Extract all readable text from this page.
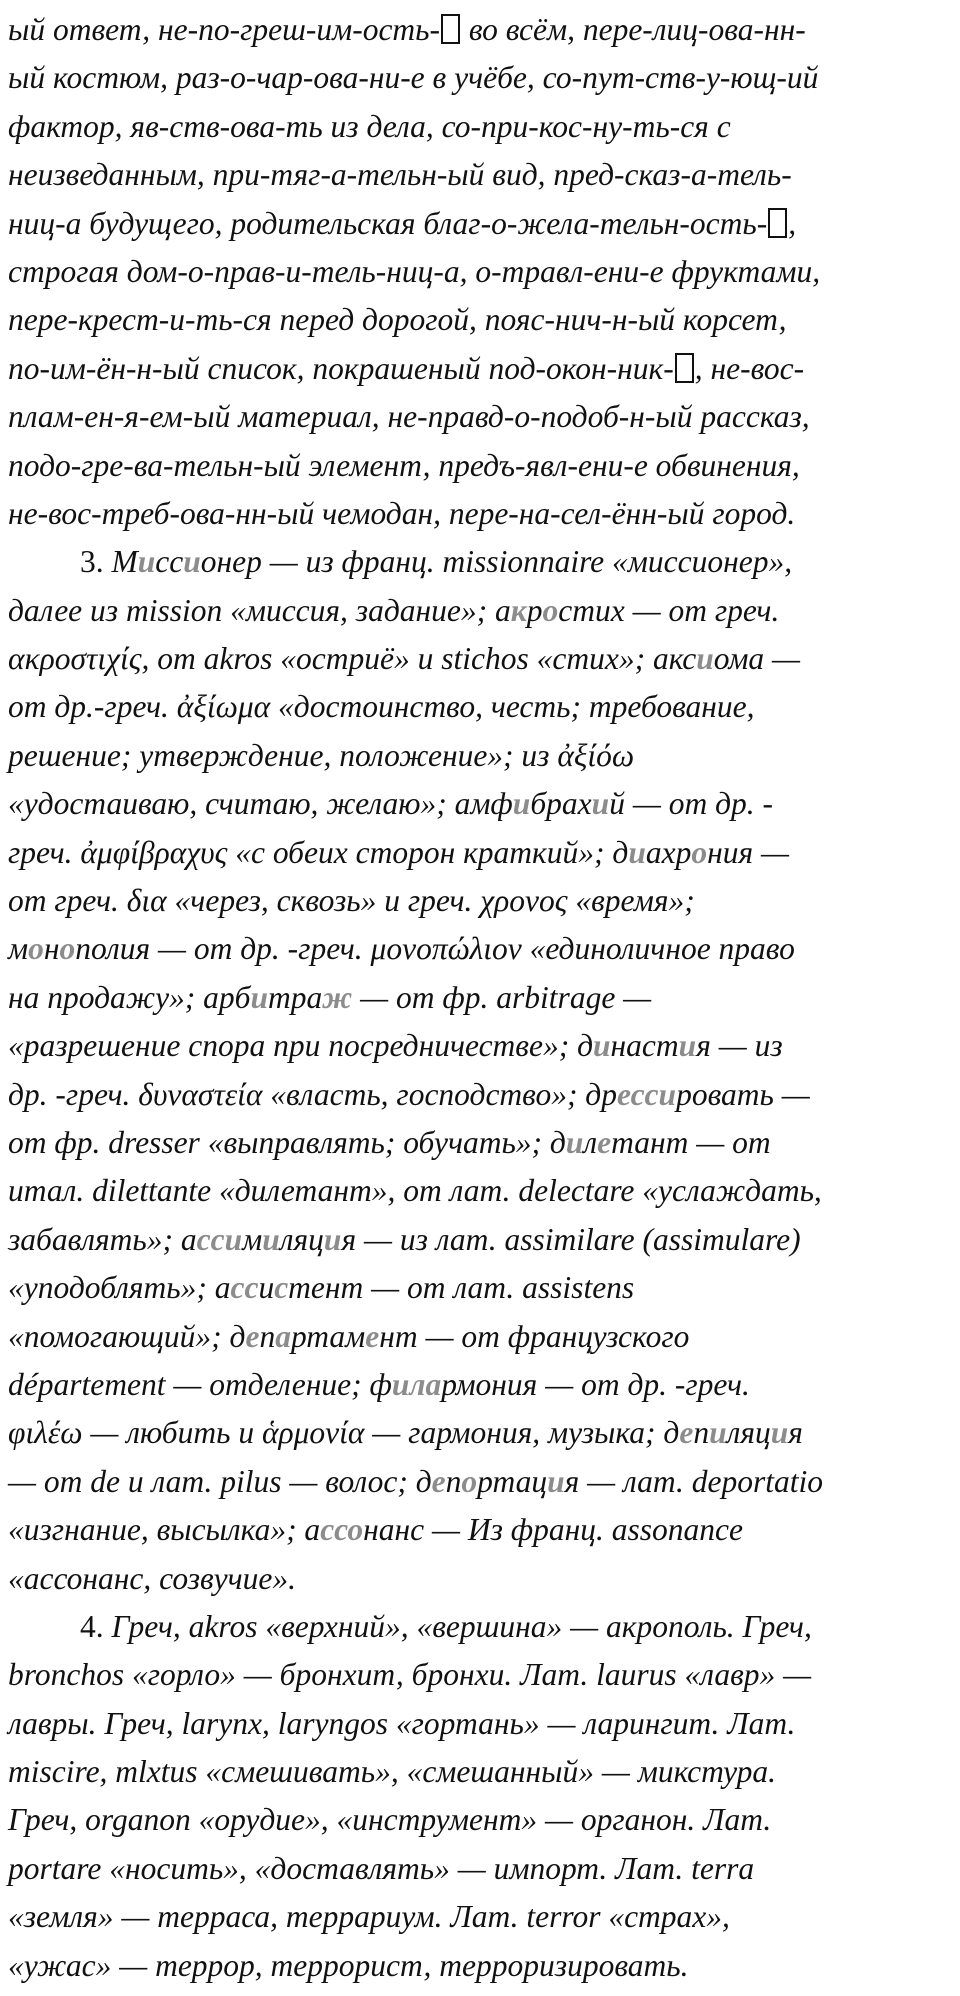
ый ответ, не-по-греш-им-ость- во всём, пере-лиц-ова-нн-
ый костюм, раз-о-чар-ова-ни-е в учёбе, со-пут-ств-у-ющ-ий
фактор, яв-ств-ова-ть из дела, со-при-кос-ну-ть-ся с
неизведанным, при-тяг-а-тельн-ый вид, пред-сказ-а-тель-
ниц-а будущего, родительская благ-о-жела-тельн-ость- ,
строгая дом-о-прав-и-тель-ниц-а, о-травл-ени-е фруктами,
пере-крест-и-ть-ся перед дорогой, пояс-нич-н-ый корсет,
по-им-ён-н-ый список, покрашеный под-окон-ник- , не-вос-
плам-ен-я-ем-ый материал, не-правд-о-подоб-н-ый рассказ,
подо-гре-ва-тельн-ый элемент, предъ-явл-ени-е обвинения,
не-вос-треб-ова-нн-ый чемодан, пере-на-сел-ённ-ый город.
3. Миссионер — из франц. missionnaire «миссионер»,
далее из mission «миссия, задание»; акростих — от греч.
ακροστιχίς, от akros «остриё» и stichos «стих»; аксиома —
от др.-греч. ἀξίωμα «достоинство, честь; требование,
решение; утверждение, положение»; из ἀξίόω
«удостаиваю, считаю, желаю»; амфибрахий — от др. -
греч. ἀμφίβραχυς «с обеих сторон краткий»; диахрония —
от греч. δια «через, сквозь» и греч. χρονος «время»;
монополия — от др. -греч. μονοπώλιον «единоличное право
на продажу»; арбитраж — от фр. arbitrage —
«разрешение спора при посредничестве»; династия — из
др. -греч. δυναστεία «власть, господство»; дрессировать —
от фр. dresser «выправлять; обучать»; дилетант — от
итал. dilettante «дилетант», от лат. delectare «услаждать,
забавлять»; ассимиляция — из лат. assimilare (assimulare)
«уподоблять»; ассистент — от лат. assistens
«помогающий»; департамент — от французского
département — отделение; филармония — от др. -греч.
φιλέω — любить и ἁρμονία — гармония, музыка; депиляция
— от de и лат. pilus — волос; депортация — лат. deportatio
«изгнание, высылка»; ассонанс — Из франц. assonance
«ассонанс, созвучие».
4. Греч, akros «верхний», «вершина» — акрополь. Греч,
bronchos «горло» — бронхит, бронхи. Лат. laurus «лавр» —
лавры. Греч, larynx, laryngos «гортань» — ларингит. Лат.
miscire, mlxtus «смешивать», «смешанный» — микстура.
Греч, organon «орудие», «инструмент» — органон. Лат.
portare «носить», «доставлять» — импорт. Лат. terra
«земля» — терраса, террариум. Лат. terror «страх»,
«ужас» — террор, террорист, терроризировать.
